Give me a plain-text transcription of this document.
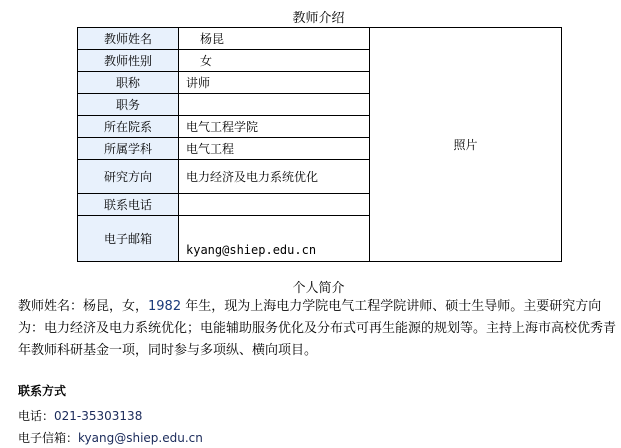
教师介绍
教师姓名	杨昆	照片
教师性别	女	
职称	讲师	
职务		
所在院系	电气工程学院	
所属学科	电气工程	
研究方向	电力经济及电力系统优化	
联系电话		
电子邮箱	kyang@shiep.edu.cn	
个人简介
教师姓名：杨昆，女，1982 年生，现为上海电力学院电气工程学院讲师、硕士生导师。主要研究方向为：电力经济及电力系统优化；电能辅助服务优化及分布式可再生能源的规划等。主持上海市高校优秀青年教师科研基金一项，同时参与多项纵、横向项目。
联系方式
电话：021-35303138
电子信箱：kyang@shiep.edu.cn
